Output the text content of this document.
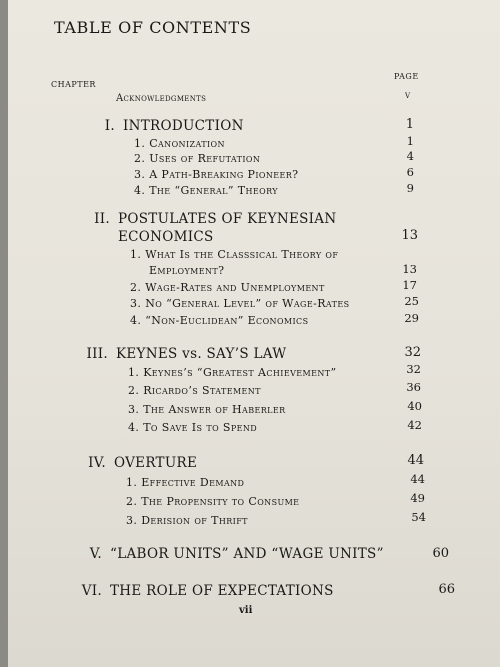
TABLE OF CONTENTS
CHAPTER
PAGE
Acknowledgments	v
I. INTRODUCTION	1
1. Canonization	1
2. Uses of Refutation	4
3. A Path-Breaking Pioneer?	6
4. The “General” Theory	9
II. POSTULATES OF KEYNESIAN
ECONOMICS	13
1. What Is the Classsical Theory of
Employment?	13
2. Wage-Rates and Unemployment	17
3. No “General Level” of Wage-Rates	25
4. “Non-Euclidean” Economics	29
III. KEYNES vs. SAY’S LAW	32
1. Keynes’s “Greatest Achievement”	32
2. Ricardo’s Statement	36
3. The Answer of Haberler	40
4. To Save Is to Spend	42
IV. OVERTURE	44
1. Effective Demand	44
2. The Propensity to Consume	49
3. Derision of Thrift	54
V. “LABOR UNITS” AND “WAGE UNITS”	60
VI. THE ROLE OF EXPECTATIONS	66
vii
